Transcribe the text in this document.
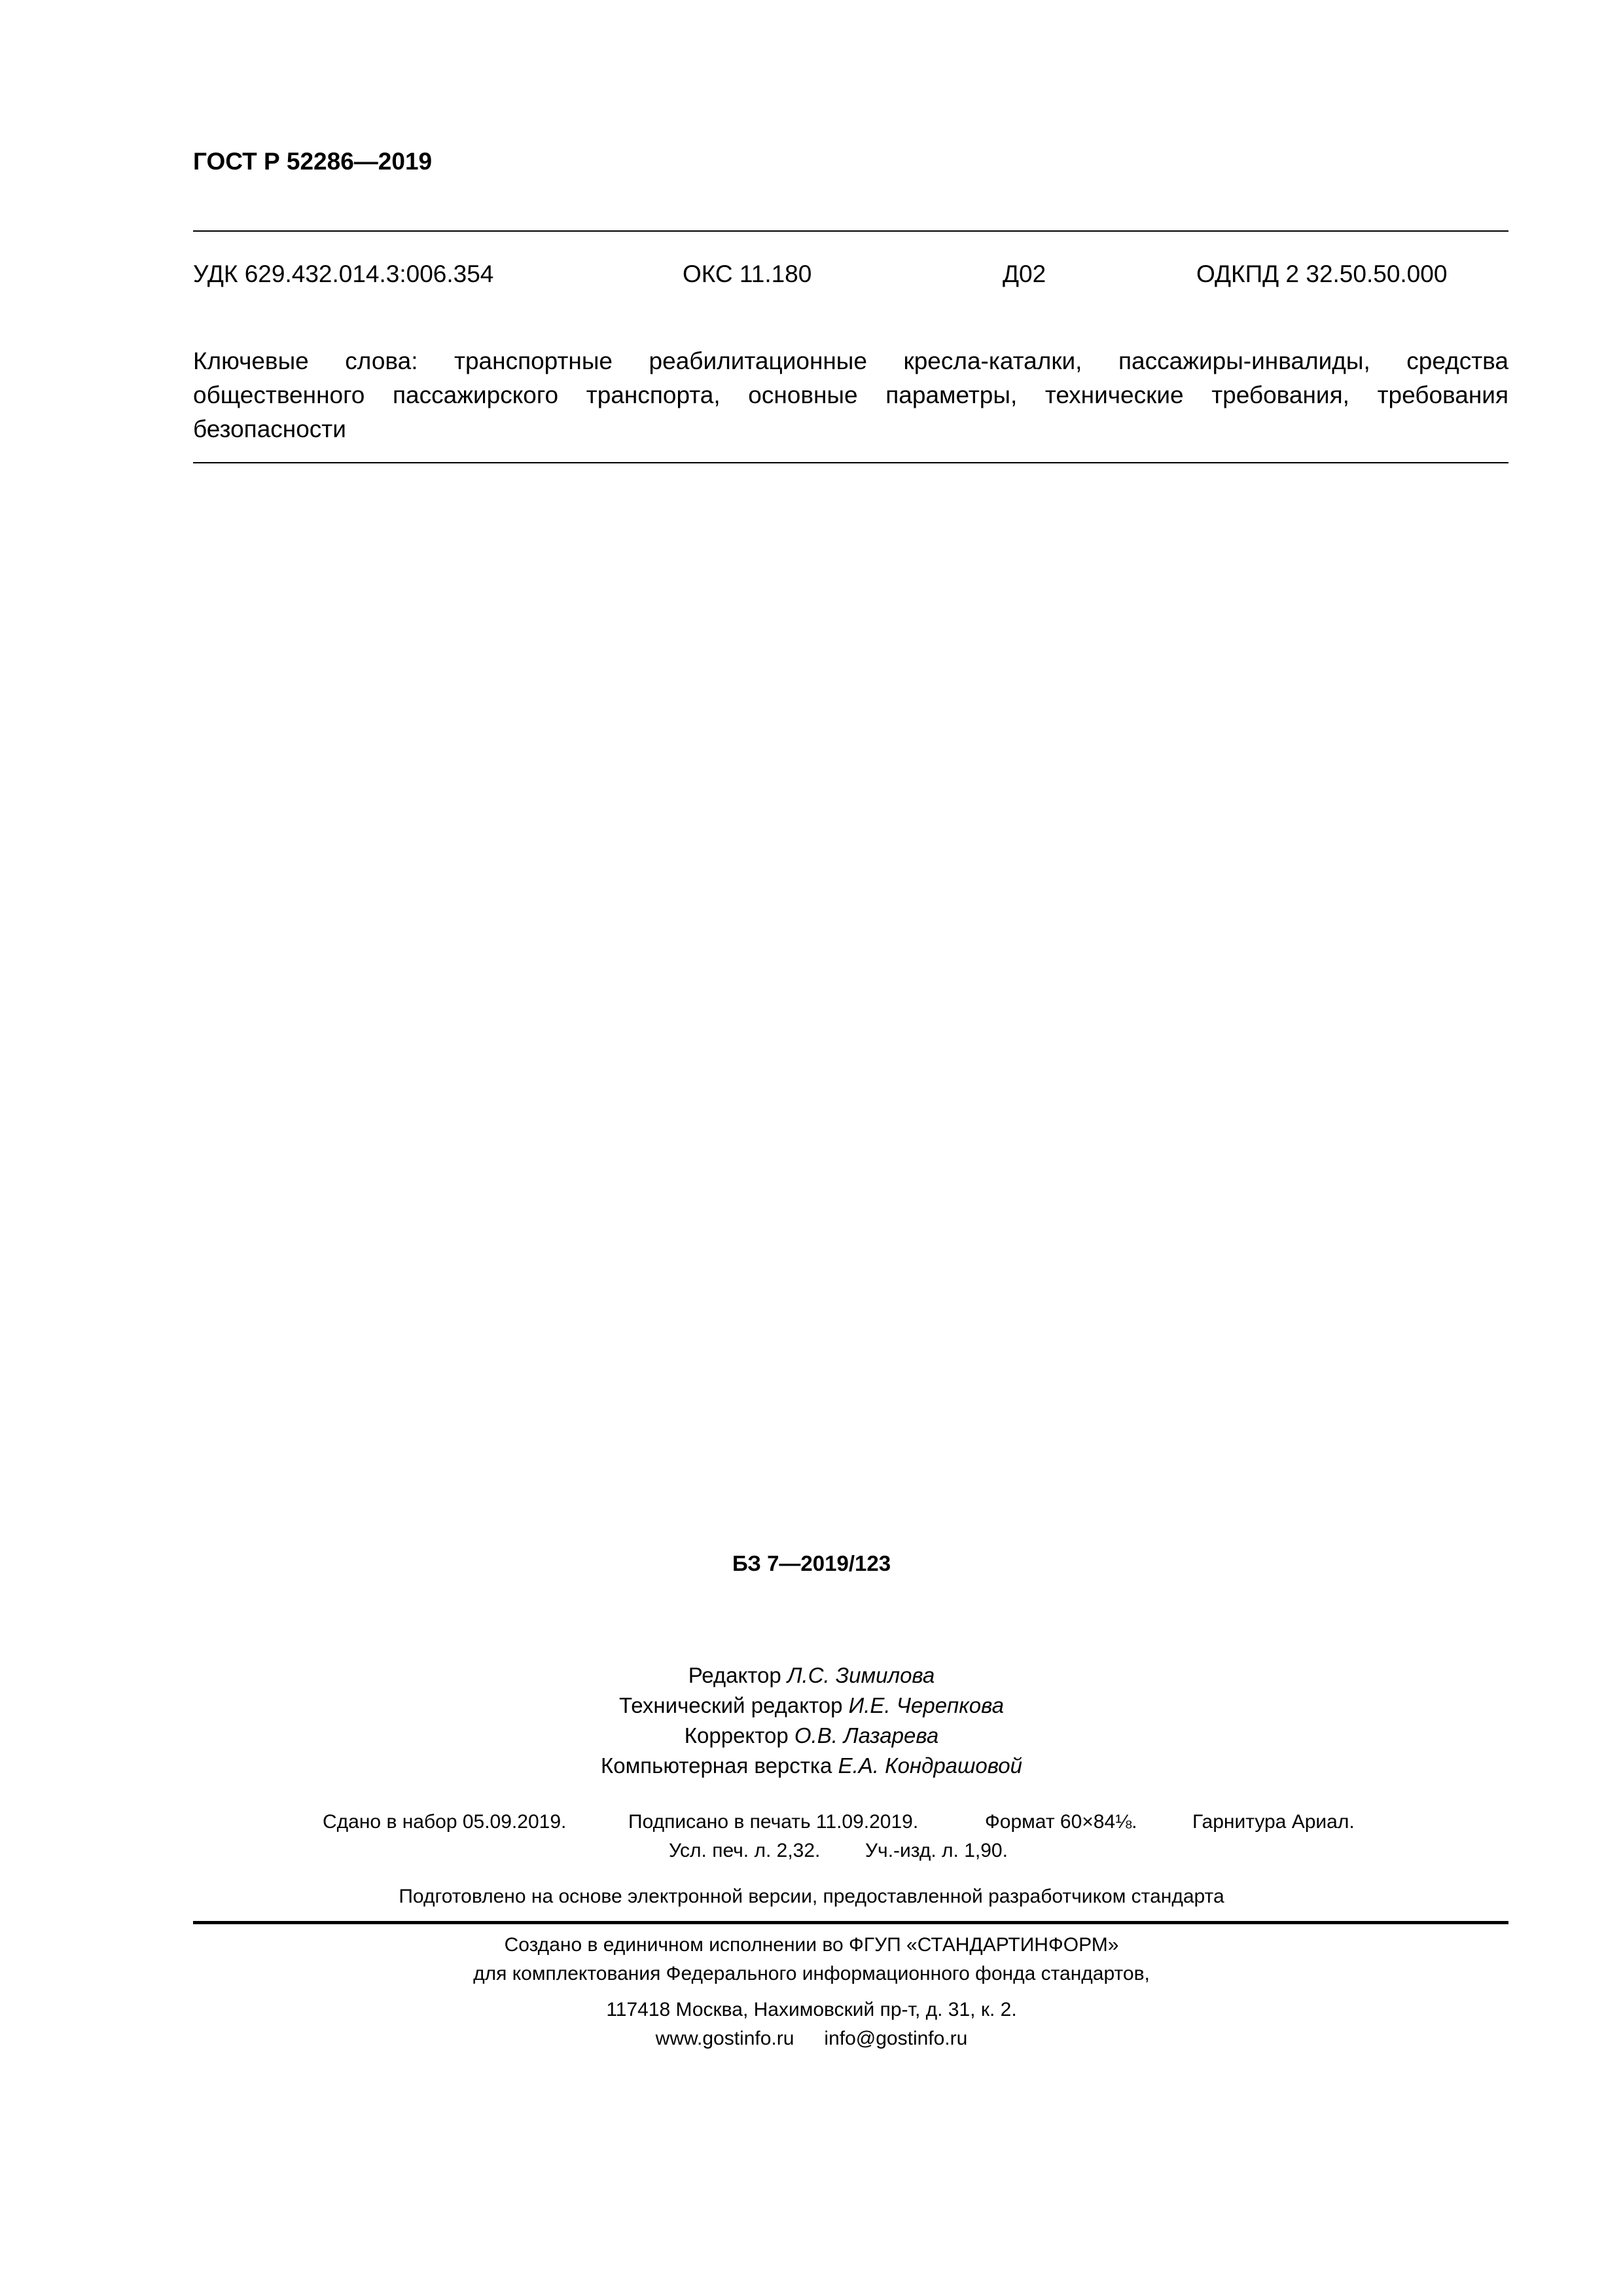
ГОСТ Р 52286—2019
УДК 629.432.014.3:006.354	ОКС 11.180	Д02	ОДКПД 2 32.50.50.000
Ключевые слова: транспортные реабилитационные кресла-каталки, пассажиры-инвалиды, средства общественного пассажирского транспорта, основные параметры, технические требования, требования безопасности
БЗ 7—2019/123
Редактор Л.С. Зимилова
Технический редактор И.Е. Черепкова
Корректор О.В. Лазарева
Компьютерная верстка Е.А. Кондрашовой
Сдано в набор 05.09.2019.	Подписано в печать 11.09.2019.	Формат 60×84⅛.	Гарнитура Ариал.
Усл. печ. л. 2,32. Уч.-изд. л. 1,90.
Подготовлено на основе электронной версии, предоставленной разработчиком стандарта
Создано в единичном исполнении во ФГУП «СТАНДАРТИНФОРМ»
для комплектования Федерального информационного фонда стандартов,
117418 Москва, Нахимовский пр-т, д. 31, к. 2.
www.gostinfo.ru info@gostinfo.ru
